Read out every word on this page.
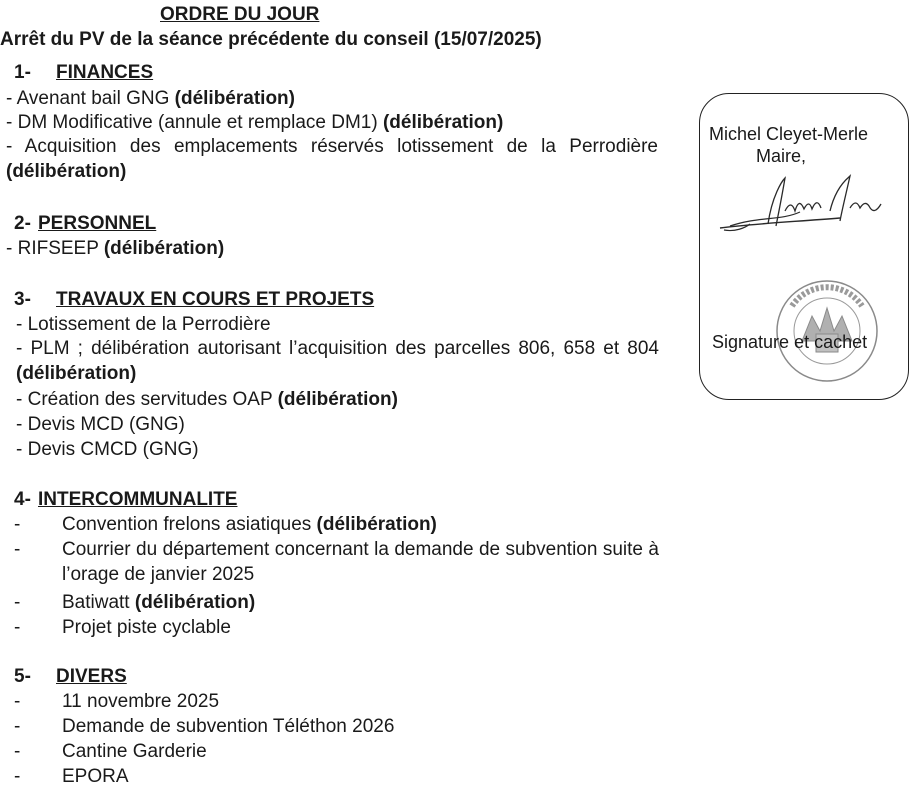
ORDRE DU JOUR
Arrêt du PV de la séance précédente du conseil (15/07/2025)
1- FINANCES
- Avenant bail GNG (délibération)
- DM Modificative (annule et remplace DM1) (délibération)
- Acquisition des emplacements réservés lotissement de la Perrodière (délibération)
2- PERSONNEL
- RIFSEEP (délibération)
3- TRAVAUX EN COURS ET PROJETS
- Lotissement de la Perrodière
- PLM ; délibération autorisant l’acquisition des parcelles 806, 658 et 804 (délibération)
- Création des servitudes OAP (délibération)
- Devis MCD (GNG)
- Devis CMCD (GNG)
4- INTERCOMMUNALITE
- Convention frelons asiatiques (délibération)
- Courrier du département concernant la demande de subvention suite à l’orage de janvier 2025
- Batiwatt (délibération)
- Projet piste cyclable
5- DIVERS
- 11 novembre 2025
- Demande de subvention Téléthon 2026
- Cantine Garderie
- EPORA
Michel Cleyet-Merle
Maire,
Signature et cachet
